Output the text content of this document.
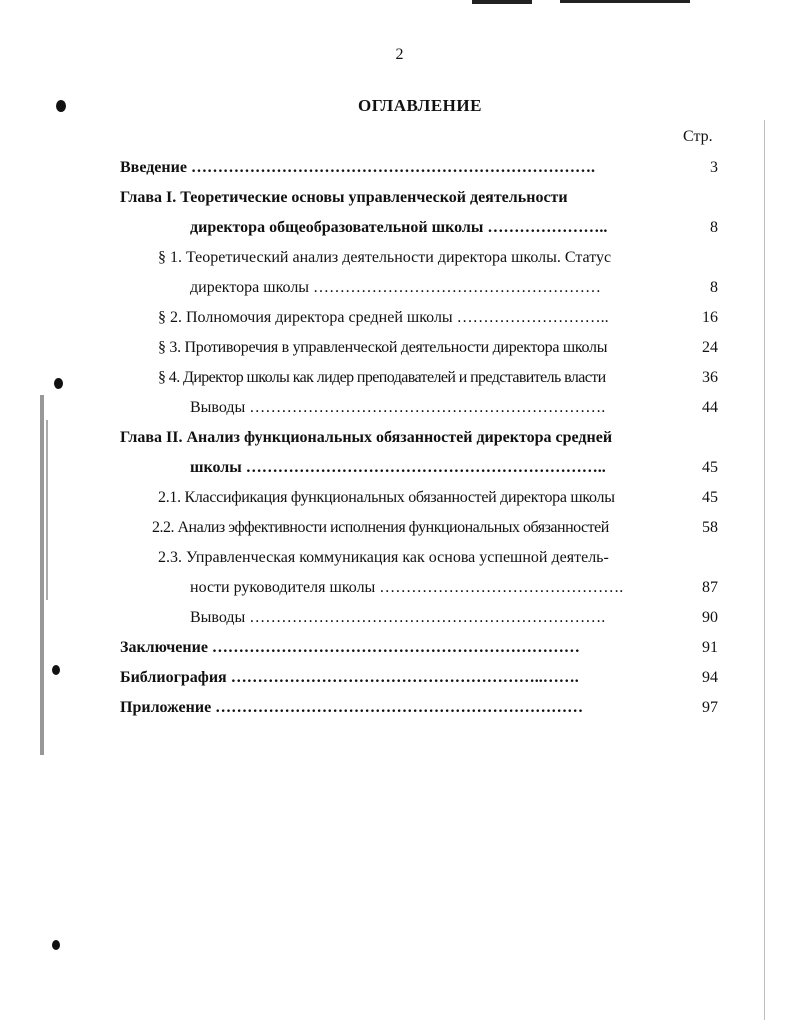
2
ОГЛАВЛЕНИЕ
Стр.
Введение ………………………………………………………………….	3
Глава I. Теоретические основы управленческой деятельности
директора общеобразовательной школы …………………..	8
§ 1. Теоретический анализ деятельности директора школы. Статус
директора школы ………………………………………………	8
§ 2. Полномочия директора средней школы ………………………..	16
§ 3. Противоречия в управленческой деятельности директора школы	24
§ 4. Директор школы как лидер преподавателей и представитель власти	36
Выводы ………………………………………………………….	44
Глава II. Анализ функциональных обязанностей директора средней
школы …………………………………………………………..	45
2.1. Классификация функциональных обязанностей директора школы	45
2.2. Анализ эффективности исполнения функциональных обязанностей	58
2.3. Управленческая коммуникация как основа успешной деятель-
ности руководителя школы ……………………………………….	87
Выводы ………………………………………………………….	90
Заключение ……………………………………………………………	91
Библиография …………………………………………………..…….	94
Приложение ……………………………………………………………	97
